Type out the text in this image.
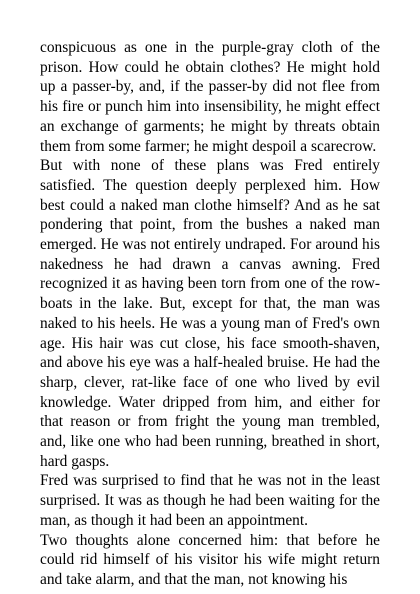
conspicuous as one in the purple-gray cloth of the prison. How could he obtain clothes? He might hold up a passer-by, and, if the passer-by did not flee from his fire or punch him into insensibility, he might effect an exchange of garments; he might by threats obtain them from some farmer; he might despoil a scarecrow.

But with none of these plans was Fred entirely satisfied. The question deeply perplexed him. How best could a naked man clothe himself? And as he sat pondering that point, from the bushes a naked man emerged. He was not entirely undraped. For around his nakedness he had drawn a canvas awning. Fred recognized it as having been torn from one of the row-boats in the lake. But, except for that, the man was naked to his heels. He was a young man of Fred's own age. His hair was cut close, his face smooth-shaven, and above his eye was a half-healed bruise. He had the sharp, clever, rat-like face of one who lived by evil knowledge. Water dripped from him, and either for that reason or from fright the young man trembled, and, like one who had been running, breathed in short, hard gasps.

Fred was surprised to find that he was not in the least surprised. It was as though he had been waiting for the man, as though it had been an appointment.

Two thoughts alone concerned him: that before he could rid himself of his visitor his wife might return and take alarm, and that the man, not knowing his
